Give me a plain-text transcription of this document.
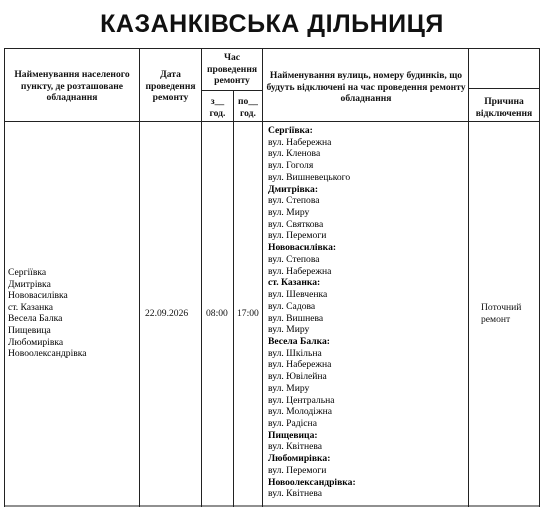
КАЗАНКІВСЬКА ДІЛЬНИЦЯ
Найменування населеного пункту, де розташоване обладнання
Дата проведення ремонту
Час проведення ремонту
з__ год.
по__ год.
Найменування вулиць, номеру будинків, що будуть відключені на час проведення ремонту обладнання	Причина відключення
Сергіївка
Дмитрівка
Нововасилівка
ст. Казанка
Весела Балка
Пищевица
Любомирівка
Новоолександрівка
22.09.2026 08:00 17:00
Поточний ремонт
Сергіївка:
вул. Набережна
вул. Кленова
вул. Гоголя
вул. Вишневецького
Дмитрівка:
вул. Степова
вул. Миру
вул. Святкова
вул. Перемоги
Нововасилівка:
вул. Степова
вул. Набережна
ст. Казанка:
вул. Шевченка
вул. Садова
вул. Вишнева
вул. Миру
Весела Балка:
вул. Шкільна
вул. Набережна
вул. Ювілейна
вул. Миру
вул. Центральна
вул. Молодіжна
вул. Радісна
Пищевица:
вул. Квітнева
Любомирівка:
вул. Перемоги
Новоолександрівка:
вул. Квітнева
